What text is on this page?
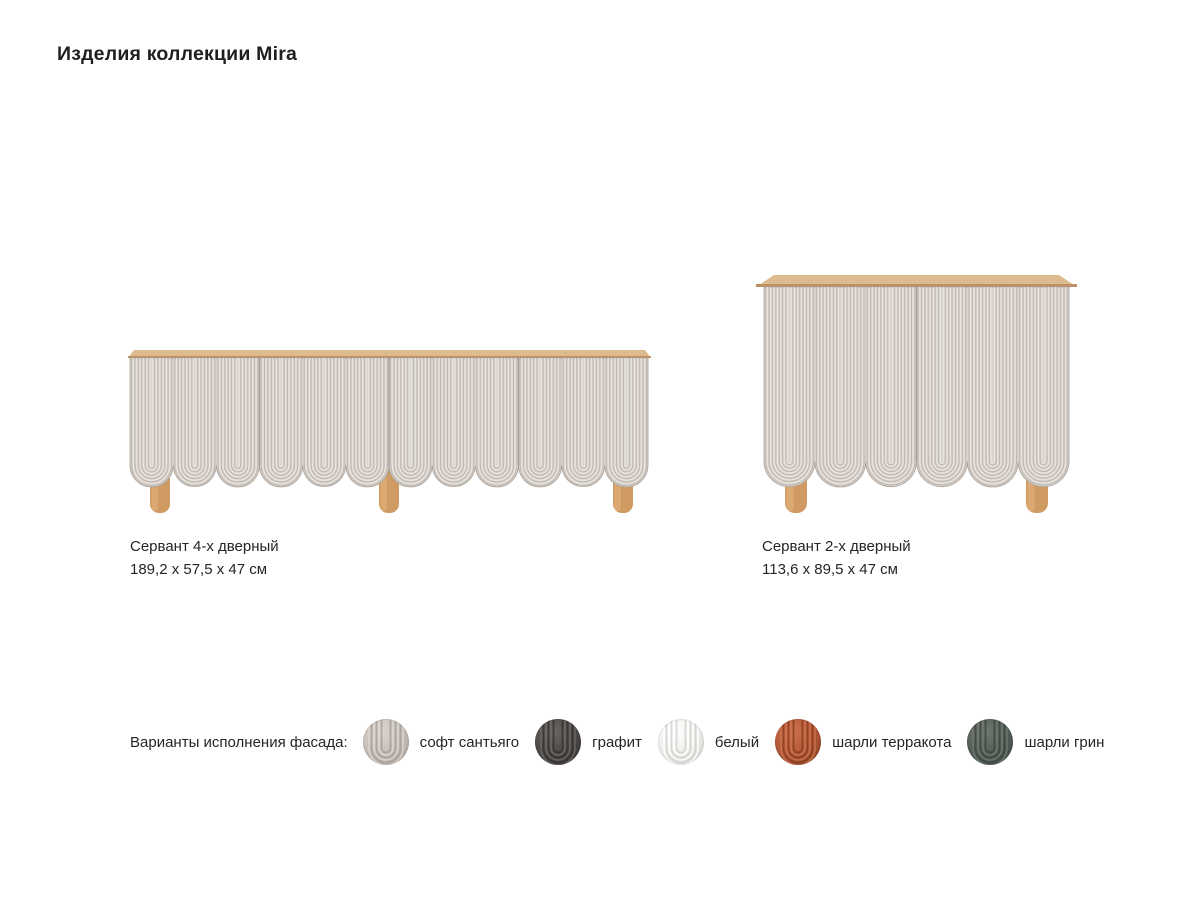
Изделия коллекции Mira
Сервант 4-х дверный
189,2 x 57,5 x 47 см
Сервант 2-х дверный
113,6 x 89,5 x 47 см
Варианты исполнения фасада:	софт сантьяго	графит	белый	шарли терракота	шарли грин
